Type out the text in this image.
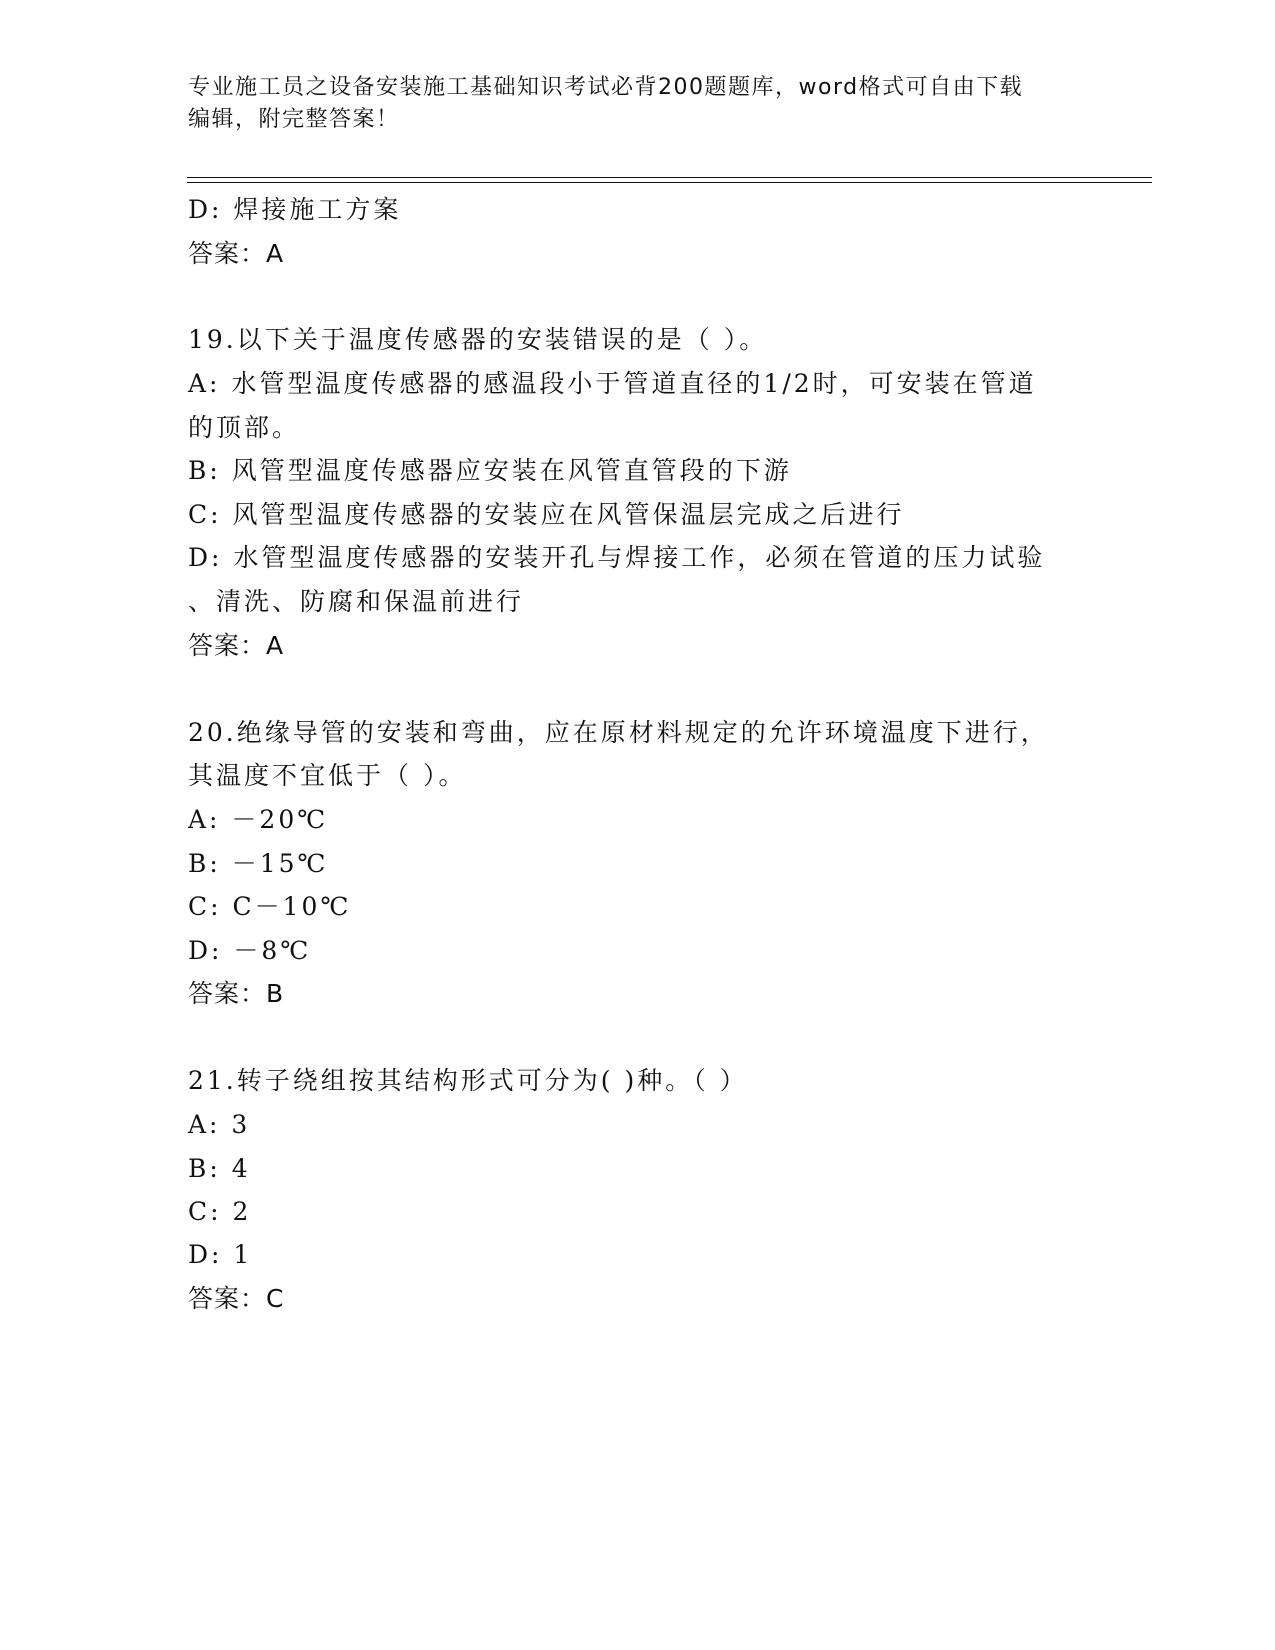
专业施工员之设备安装施工基础知识考试必背200题题库，word格式可自由下载
编辑，附完整答案！
D: 焊接施工方案
答案：A
19.以下关于温度传感器的安装错误的是（ ）。
A: 水管型温度传感器的感温段小于管道直径的1/2时，可安装在管道
的顶部。
B: 风管型温度传感器应安装在风管直管段的下游
C: 风管型温度传感器的安装应在风管保温层完成之后进行
D: 水管型温度传感器的安装开孔与焊接工作，必须在管道的压力试验
、清洗、防腐和保温前进行
答案：A
20.绝缘导管的安装和弯曲，应在原材料规定的允许环境温度下进行，
其温度不宜低于（ ）。
A: －20℃
B: －15℃
C: C－10℃
D: －8℃
答案：B
21.转子绕组按其结构形式可分为( )种。（ ）
A: 3
B: 4
C: 2
D: 1
答案：C
